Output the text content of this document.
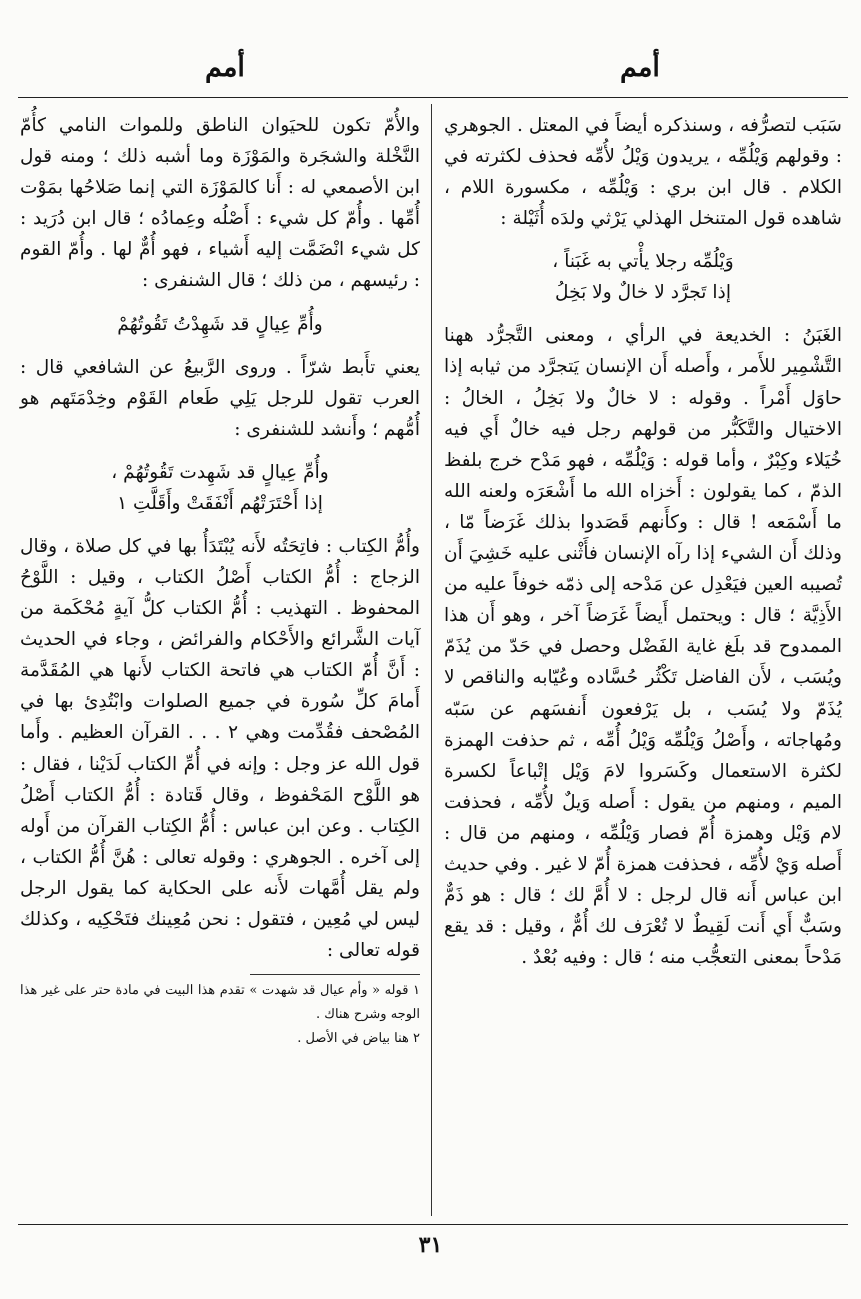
أمم
أمم

سَبَب لتصرُّفه ، وسنذكره أيضاً في المعتل . الجوهري : وقولهم وَيْلُمِّه ، يريدون وَيْلُ لأُمِّه فحذف لكثرته في الكلام . قال ابن بري : وَيْلُمِّه ، مكسورة اللام ، شاهده قول المتنخل الهذلي يَرْثي ولدَه أُثَيْلة :

وَيْلُمِّه رجلا يأْتي به غَبَناً ،
إذا تَجرَّد لا خالٌ ولا بَخِلُ

الغَبَنُ : الخديعة في الرأي ، ومعنى التَّجرُّد ههنا التَّشْمِير للأَمر ، وأَصله أَن الإنسان يَتجرَّد من ثيابه إذا حاوَل أَمْراً . وقوله : لا خالٌ ولا بَخِلُ ، الخالُ : الاختيال والتَّكَبُّر من قولهم رجل فيه خالٌ أَي فيه خُيَلاء وكِبْرٌ ، وأما قوله : وَيْلُمِّه ، فهو مَدْح خرج بلفظ الذمّ ، كما يقولون : أَخزاه الله ما أَشْعَرَه ولعنه الله ما أَسْمَعه ! قال : وكأَنهم قَصَدوا بذلك غَرَضاً مّا ، وذلك أَن الشيء إذا رآه الإنسان فأَثْنى عليه خَشِيَ أَن تُصيبه العين فيَعْدِل عن مَدْحه إلى ذمّه خوفاً عليه من الأَذِيَّة ؛ قال : ويحتمل أَيضاً غَرَضاً آخر ، وهو أَن هذا الممدوح قد بلَغ غاية الفَضْل وحصل في حَدّ من يُذَمّ ويُسَب ، لأَن الفاضل تَكْثُر حُسَّاده وعُيّابه والناقص لا يُذَمّ ولا يُسَب ، بل يَرْفعون أَنفسَهم عن سَبّه ومُهاجاته ، وأَصْلُ وَيْلُمِّه وَيْلُ أُمِّه ، ثم حذفت الهمزة لكثرة الاستعمال وكَسَروا لامَ وَيْل إتْباعاً لكسرة الميم ، ومنهم من يقول : أَصله وَيلٌ لأُمِّه ، فحذفت لام وَيْل وهمزة أُمّ فصار وَيْلُمِّه ، ومنهم من قال : أَصله وَيْ لأُمِّه ، فحذفت همزة أُمّ لا غير . وفي حديث ابن عباس أَنه قال لرجل : لا أُمَّ لك ؛ قال : هو ذَمٌّ وسَبٌّ أَي أَنت لَقِيطٌ لا تُعْرَف لك أُمٌّ ، وقيل : قد يقع مَدْحاً بمعنى التعجُّب منه ؛ قال : وفيه بُعْدٌ .

والأُمّ تكون للحيَوان الناطق وللموات النامي كأُمّ النَّخْلة والشجَرة والمَوْزَة وما أشبه ذلك ؛ ومنه قول ابن الأصمعي له : أَنا كالمَوْزَة التي إنما صَلاحُها بمَوْت أُمِّها . وأُمّ كل شيء : أَصْلُه وعِمادُه ؛ قال ابن دُرَيد : كل شيء انْضَمَّت إليه أَشياء ، فهو أُمٌّ لها . وأُمّ القوم : رئيسهم ، من ذلك ؛ قال الشنفرى :

وأُمِّ عِيالٍ قد شَهِدْتُ تَقُوتُهُمْ

يعني تأَبط شرّاً . وروى الرَّبيعُ عن الشافعي قال : العرب تقول للرجل يَلِي طَعام القَوْم وخِدْمَتَهم هو أُمُّهم ؛ وأَنشد للشنفرى :

وأُمِّ عِيالٍ قد شَهِدت تَقُوتُهُمْ ،
إذا أَحْتَرَتْهُم أَنْفَقَتْ وأَقَلَّتِ ١

وأُمُّ الكِتاب : فاتِحَتُه لأَنه يُبْتَدَأُ بها في كل صلاة ، وقال الزجاج : أُمُّ الكتاب أَصْلُ الكتاب ، وقيل : اللَّوْحُ المحفوظ . التهذيب : أُمُّ الكتاب كلُّ آيةٍ مُحْكَمة من آيات الشَّرائع والأَحْكام والفرائض ، وجاء في الحديث : أَنَّ أُمّ الكتاب هي فاتحة الكتاب لأَنها هي المُقَدَّمة أَمامَ كلِّ سُورة في جميع الصلوات وابْتُدِئ بها في المُصْحف فقُدِّمت وهي ٢ . . . القرآن العظيم . وأَما قول الله عز وجل : وإنه في أُمِّ الكتاب لَدَيْنا ، فقال : هو اللَّوْح المَحْفوظ ، وقال قَتادة : أُمُّ الكتاب أَصْلُ الكِتاب . وعن ابن عباس : أُمُّ الكِتاب القرآن من أَوله إلى آخره . الجوهري : وقوله تعالى : هُنَّ أُمُّ الكتاب ، ولم يقل أُمَّهات لأَنه على الحكاية كما يقول الرجل ليس لي مُعِين ، فتقول : نحن مُعِينك فتَحْكِيه ، وكذلك قوله تعالى :

١ قوله « وأم عيال قد شهدت » تقدم هذا البيت في مادة حتر على غير هذا الوجه وشرح هناك .

٢ هنا بياض في الأصل .

٣١
